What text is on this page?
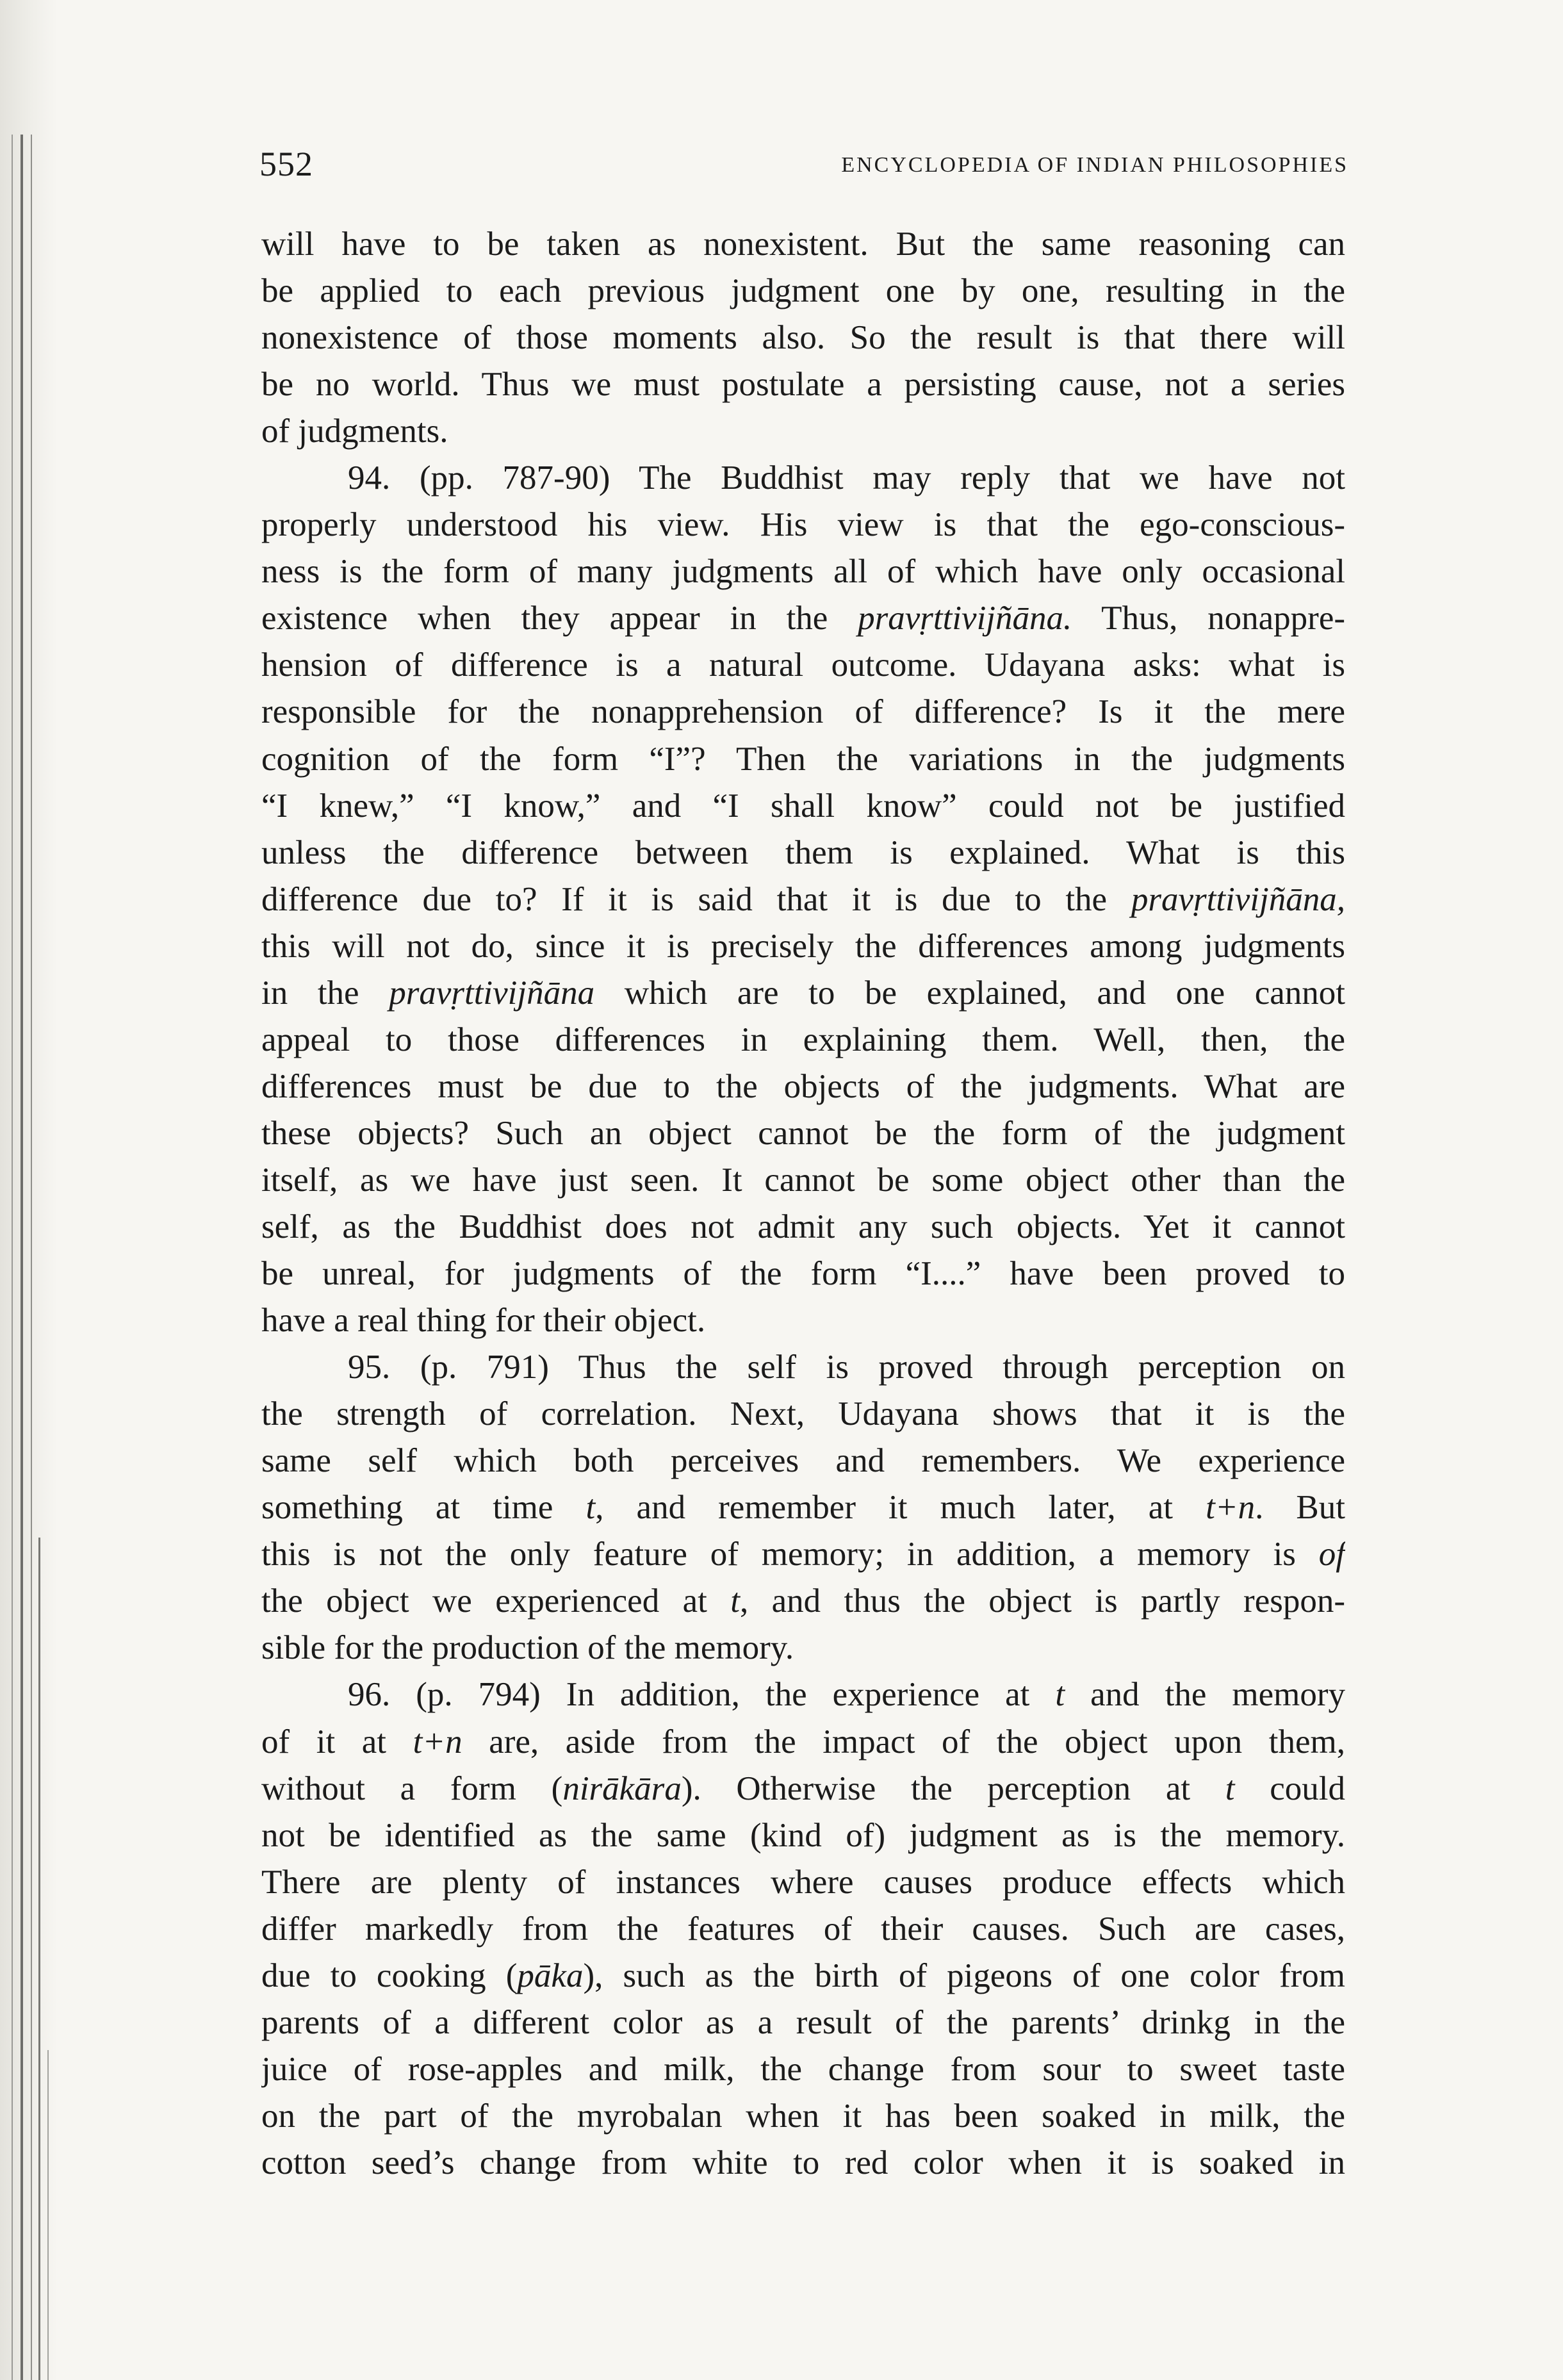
552	ENCYCLOPEDIA OF INDIAN PHILOSOPHIES
will have to be taken as nonexistent. But the same reasoning can
be applied to each previous judgment one by one, resulting in the
nonexistence of those moments also. So the result is that there will
be no world. Thus we must postulate a persisting cause, not a series
of judgments.
94. (pp. 787-90) The Buddhist may reply that we have not
properly understood his view. His view is that the ego-conscious-
ness is the form of many judgments all of which have only occasional
existence when they appear in the pravṛttivijñāna. Thus, nonappre-
hension of difference is a natural outcome. Udayana asks: what is
responsible for the nonapprehension of difference? Is it the mere
cognition of the form “I”? Then the variations in the judgments
“I knew,” “I know,” and “I shall know” could not be justified
unless the difference between them is explained. What is this
difference due to? If it is said that it is due to the pravṛttivijñāna,
this will not do, since it is precisely the differences among judgments
in the pravṛttivijñāna which are to be explained, and one cannot
appeal to those differences in explaining them. Well, then, the
differences must be due to the objects of the judgments. What are
these objects? Such an object cannot be the form of the judgment
itself, as we have just seen. It cannot be some object other than the
self, as the Buddhist does not admit any such objects. Yet it cannot
be unreal, for judgments of the form “I....” have been proved to
have a real thing for their object.
95. (p. 791) Thus the self is proved through perception on
the strength of correlation. Next, Udayana shows that it is the
same self which both perceives and remembers. We experience
something at time t, and remember it much later, at t+n. But
this is not the only feature of memory; in addition, a memory is of
the object we experienced at t, and thus the object is partly respon-
sible for the production of the memory.
96. (p. 794) In addition, the experience at t and the memory
of it at t+n are, aside from the impact of the object upon them,
without a form (nirākāra). Otherwise the perception at t could
not be identified as the same (kind of) judgment as is the memory.
There are plenty of instances where causes produce effects which
differ markedly from the features of their causes. Such are cases,
due to cooking (pāka), such as the birth of pigeons of one color from
parents of a different color as a result of the parents’ drinkg in the
juice of rose-apples and milk, the change from sour to sweet taste
on the part of the myrobalan when it has been soaked in milk, the
cotton seed’s change from white to red color when it is soaked in
